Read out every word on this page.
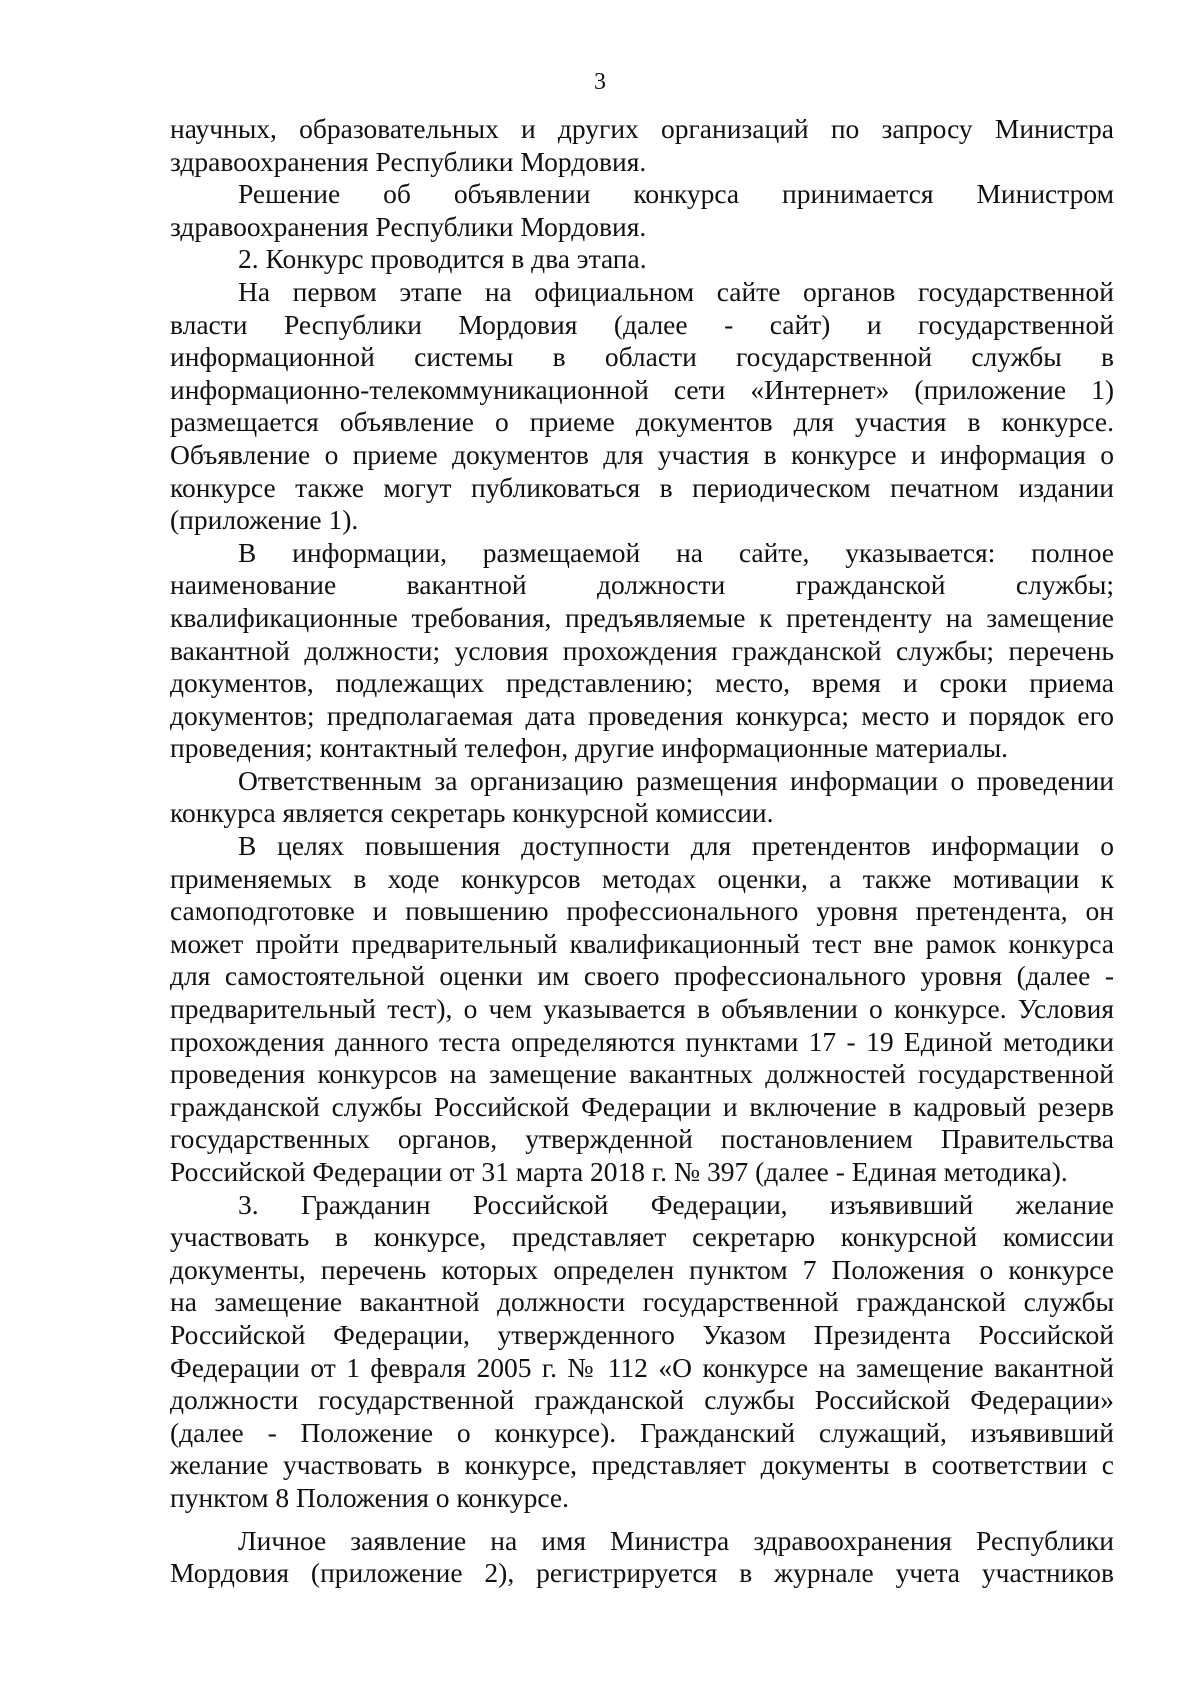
3

научных, образовательных и других организаций по запросу Министра

здравоохранения Республики Мордовия.

Решение об объявлении конкурса принимается Министром

здравоохранения Республики Мордовия.

2. Конкурс проводится в два этапа.

На первом этапе на официальном сайте органов государственной

власти Республики Мордовия (далее - сайт) и государственной

информационной системы в области государственной службы в

информационно-телекоммуникационной сети «Интернет» (приложение 1)

размещается объявление о приеме документов для участия в конкурсе.

Объявление о приеме документов для участия в конкурсе и информация о

конкурсе также могут публиковаться в периодическом печатном издании

(приложение 1).

В информации, размещаемой на сайте, указывается: полное

наименование вакантной должности гражданской службы;

квалификационные требования, предъявляемые к претенденту на замещение

вакантной должности; условия прохождения гражданской службы; перечень

документов, подлежащих представлению; место, время и сроки приема

документов; предполагаемая дата проведения конкурса; место и порядок его

проведения; контактный телефон, другие информационные материалы.

Ответственным за организацию размещения информации о проведении

конкурса является секретарь конкурсной комиссии.

В целях повышения доступности для претендентов информации о

применяемых в ходе конкурсов методах оценки, а также мотивации к

самоподготовке и повышению профессионального уровня претендента, он

может пройти предварительный квалификационный тест вне рамок конкурса

для самостоятельной оценки им своего профессионального уровня (далее -

предварительный тест), о чем указывается в объявлении о конкурсе. Условия

прохождения данного теста определяются пунктами 17 - 19 Единой методики

проведения конкурсов на замещение вакантных должностей государственной

гражданской службы Российской Федерации и включение в кадровый резерв

государственных органов, утвержденной постановлением Правительства

Российской Федерации от 31 марта 2018 г. № 397 (далее - Единая методика).

3. Гражданин Российской Федерации, изъявивший желание

участвовать в конкурсе, представляет секретарю конкурсной комиссии

документы, перечень которых определен пунктом 7 Положения о конкурсе

на замещение вакантной должности государственной гражданской службы

Российской Федерации, утвержденного Указом Президента Российской

Федерации от 1 февраля 2005 г. № 112 «О конкурсе на замещение вакантной

должности государственной гражданской службы Российской Федерации»

(далее - Положение о конкурсе). Гражданский служащий, изъявивший

желание участвовать в конкурсе, представляет документы в соответствии с

пунктом 8 Положения о конкурсе.

Личное заявление на имя Министра здравоохранения Республики

Мордовия (приложение 2), регистрируется в журнале учета участников
